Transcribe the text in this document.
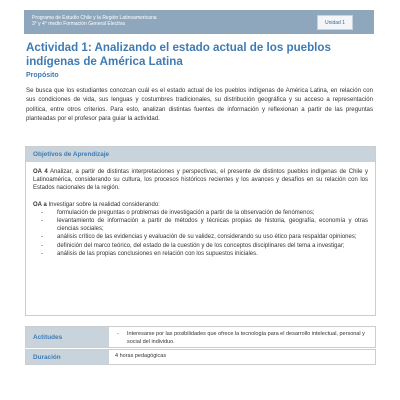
Programa de Estudio Chile y la Región Latinoamericana
3° y 4° medio Formación General Electiva	Unidad 1
Actividad 1: Analizando el estado actual de los pueblos indígenas de América Latina
Propósito
Se busca que los estudiantes conozcan cuál es el estado actual de los pueblos indígenas de América Latina, en relación con sus condiciones de vida, sus lenguas y costumbres tradicionales, su distribución geográfica y su acceso a representación política, entre otros criterios. Para esto, analizan distintas fuentes de información y reflexionan a partir de las preguntas planteadas por el profesor para guiar la actividad.
Objetivos de Aprendizaje
OA 4 Analizar, a partir de distintas interpretaciones y perspectivas, el presente de distintos pueblos indígenas de Chile y Latinoamérica, considerando su cultura, los procesos históricos recientes y los avances y desafíos en su relación con los Estados nacionales de la región.
OA a Investigar sobre la realidad considerando:
- formulación de preguntas o problemas de investigación a partir de la observación de fenómenos;
- levantamiento de información a partir de métodos y técnicas propias de historia, geografía, economía y otras ciencias sociales;
- análisis crítico de las evidencias y evaluación de su validez, considerando su uso ético para respaldar opiniones;
- definición del marco teórico, del estado de la cuestión y de los conceptos disciplinares del tema a investigar;
- análisis de las propias conclusiones en relación con los supuestos iniciales.
Actitudes
-	Interesarse por las posibilidades que ofrece la tecnología para el desarrollo intelectual, personal y social del individuo.
Duración	4 horas pedagógicas
